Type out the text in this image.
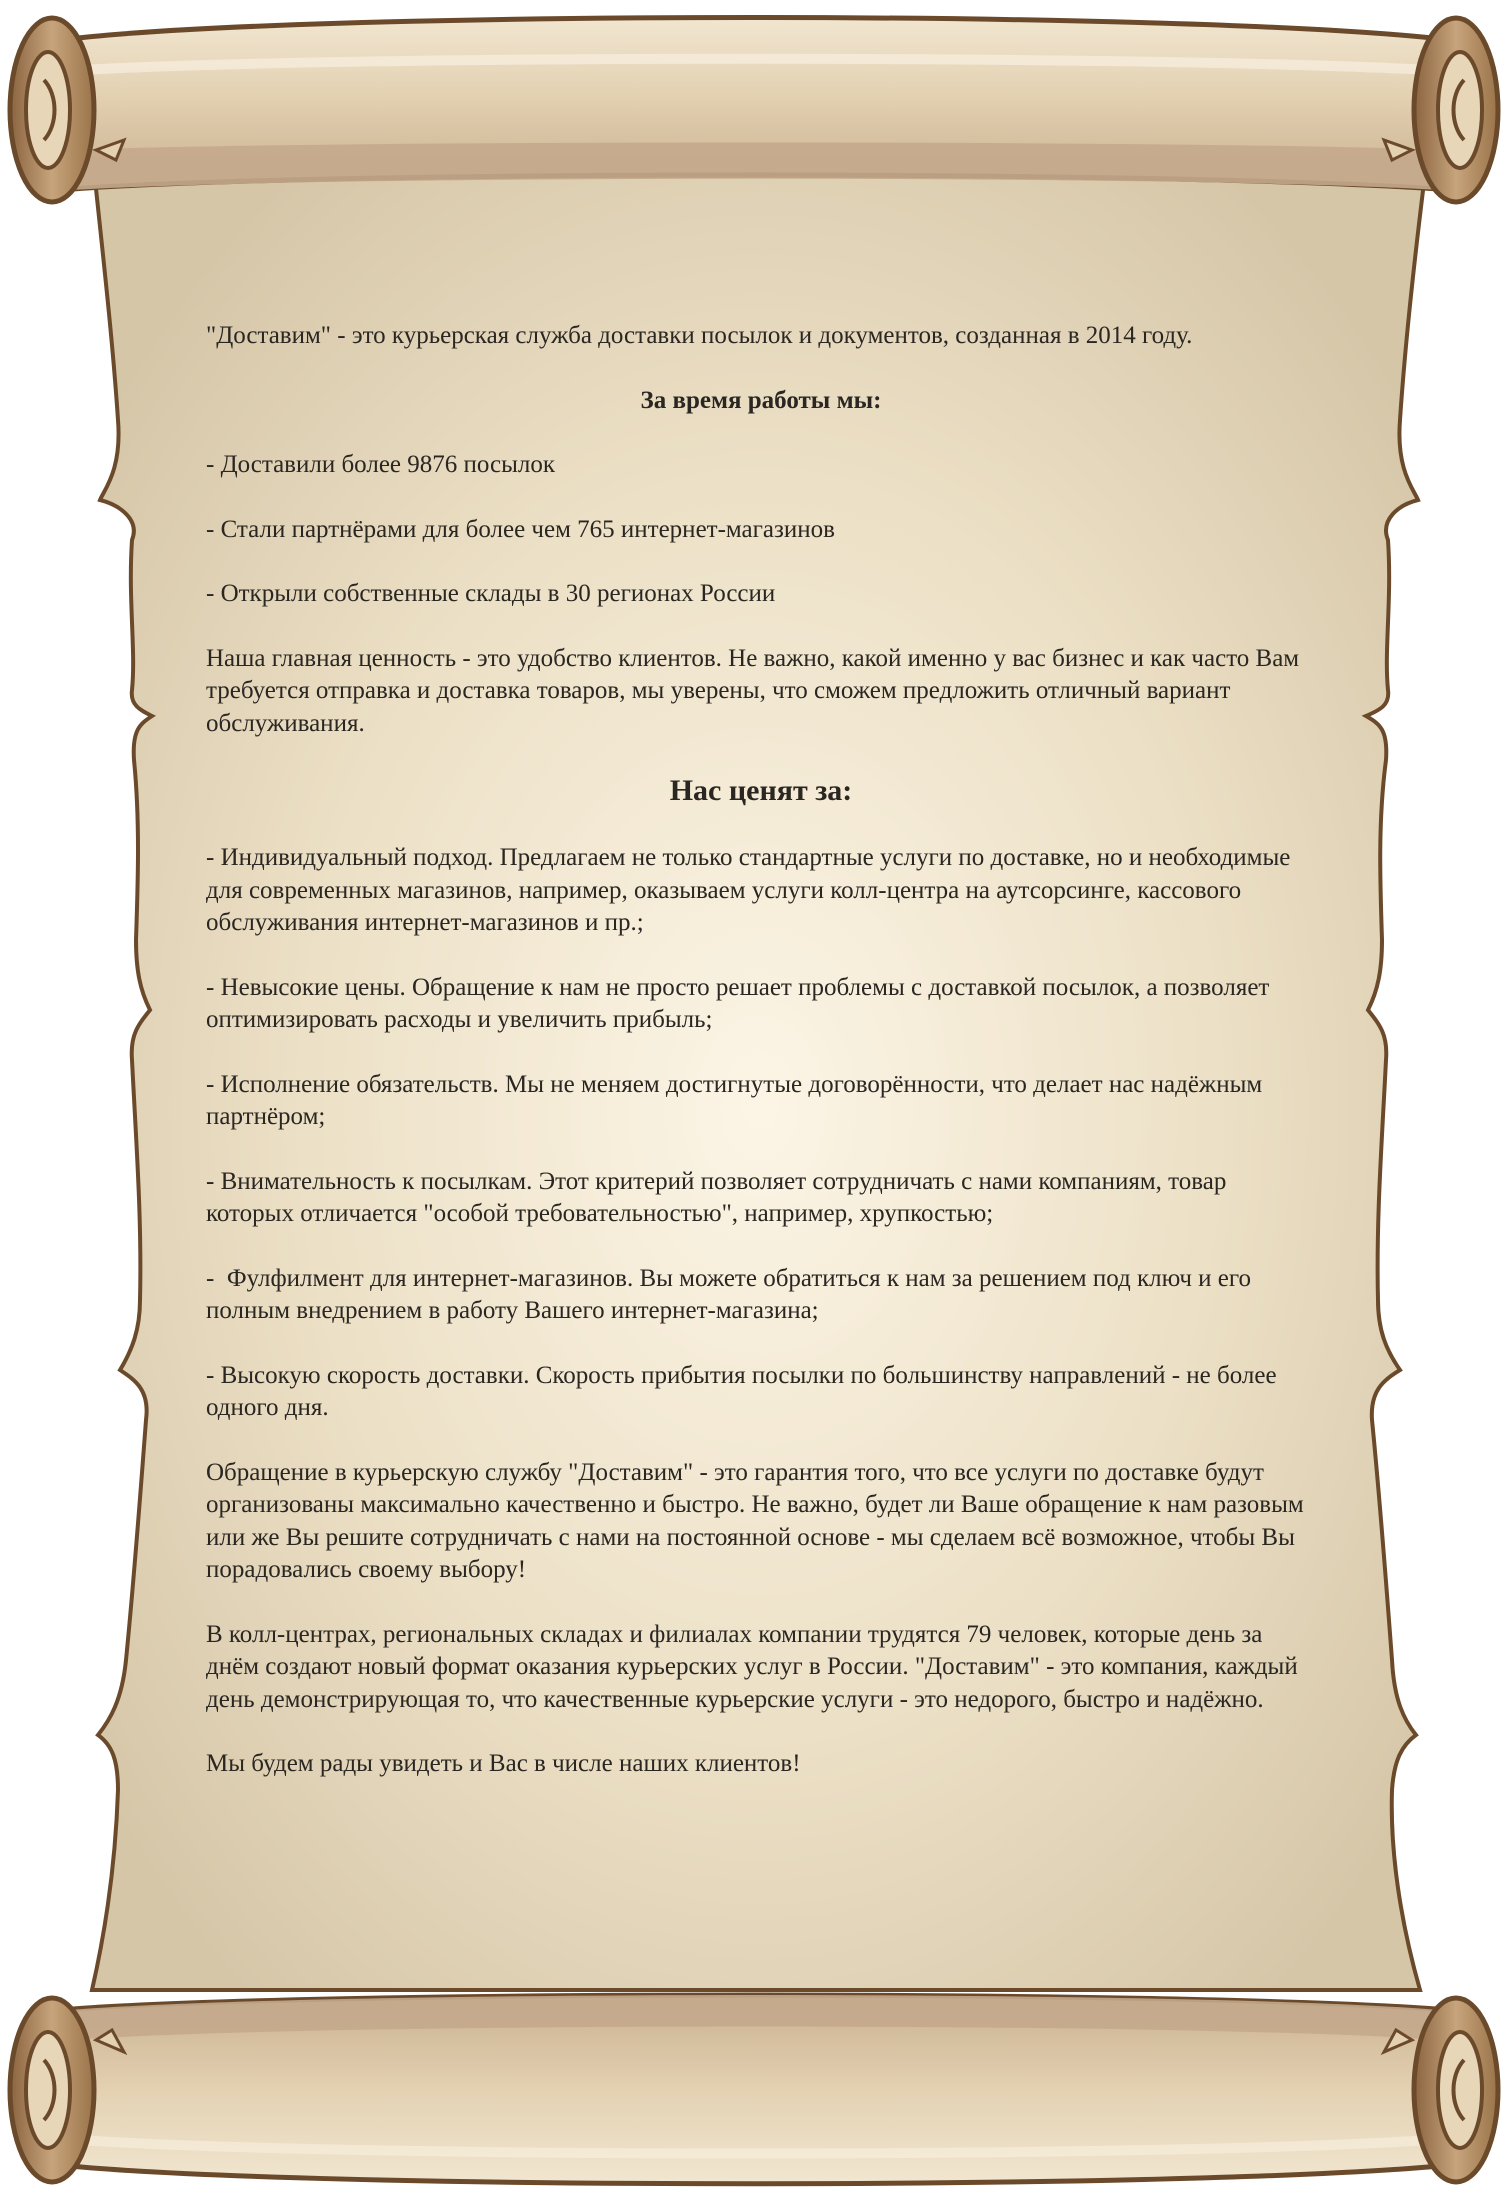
"Доставим" - это курьерская служба доставки посылок и документов, созданная в 2014 году.

За время работы мы:

- Доставили более 9876 посылок

- Стали партнёрами для более чем 765 интернет-магазинов

- Открыли собственные склады в 30 регионах России

Наша главная ценность - это удобство клиентов. Не важно, какой именно у вас бизнес и как часто Вам требуется отправка и доставка товаров, мы уверены, что сможем предложить отличный вариант обслуживания.

Нас ценят за:

- Индивидуальный подход. Предлагаем не только стандартные услуги по доставке, но и необходимые для современных магазинов, например, оказываем услуги колл-центра на аутсорсинге, кассового обслуживания интернет-магазинов и пр.;

- Невысокие цены. Обращение к нам не просто решает проблемы с доставкой посылок, а позволяет оптимизировать расходы и увеличить прибыль;

- Исполнение обязательств. Мы не меняем достигнутые договорённости, что делает нас надёжным партнёром;

- Внимательность к посылкам. Этот критерий позволяет сотрудничать с нами компаниям, товар которых отличается "особой требовательностью", например, хрупкостью;

-  Фулфилмент для интернет-магазинов. Вы можете обратиться к нам за решением под ключ и его полным внедрением в работу Вашего интернет-магазина;

- Высокую скорость доставки. Скорость прибытия посылки по большинству направлений - не более одного дня.

Обращение в курьерскую службу "Доставим" - это гарантия того, что все услуги по доставке будут организованы максимально качественно и быстро. Не важно, будет ли Ваше обращение к нам разовым или же Вы решите сотрудничать с нами на постоянной основе - мы сделаем всё возможное, чтобы Вы порадовались своему выбору!

В колл-центрах, региональных складах и филиалах компании трудятся 79 человек, которые день за днём создают новый формат оказания курьерских услуг в России. "Доставим" - это компания, каждый день демонстрирующая то, что качественные курьерские услуги - это недорого, быстро и надёжно.

Мы будем рады увидеть и Вас в числе наших клиентов!
